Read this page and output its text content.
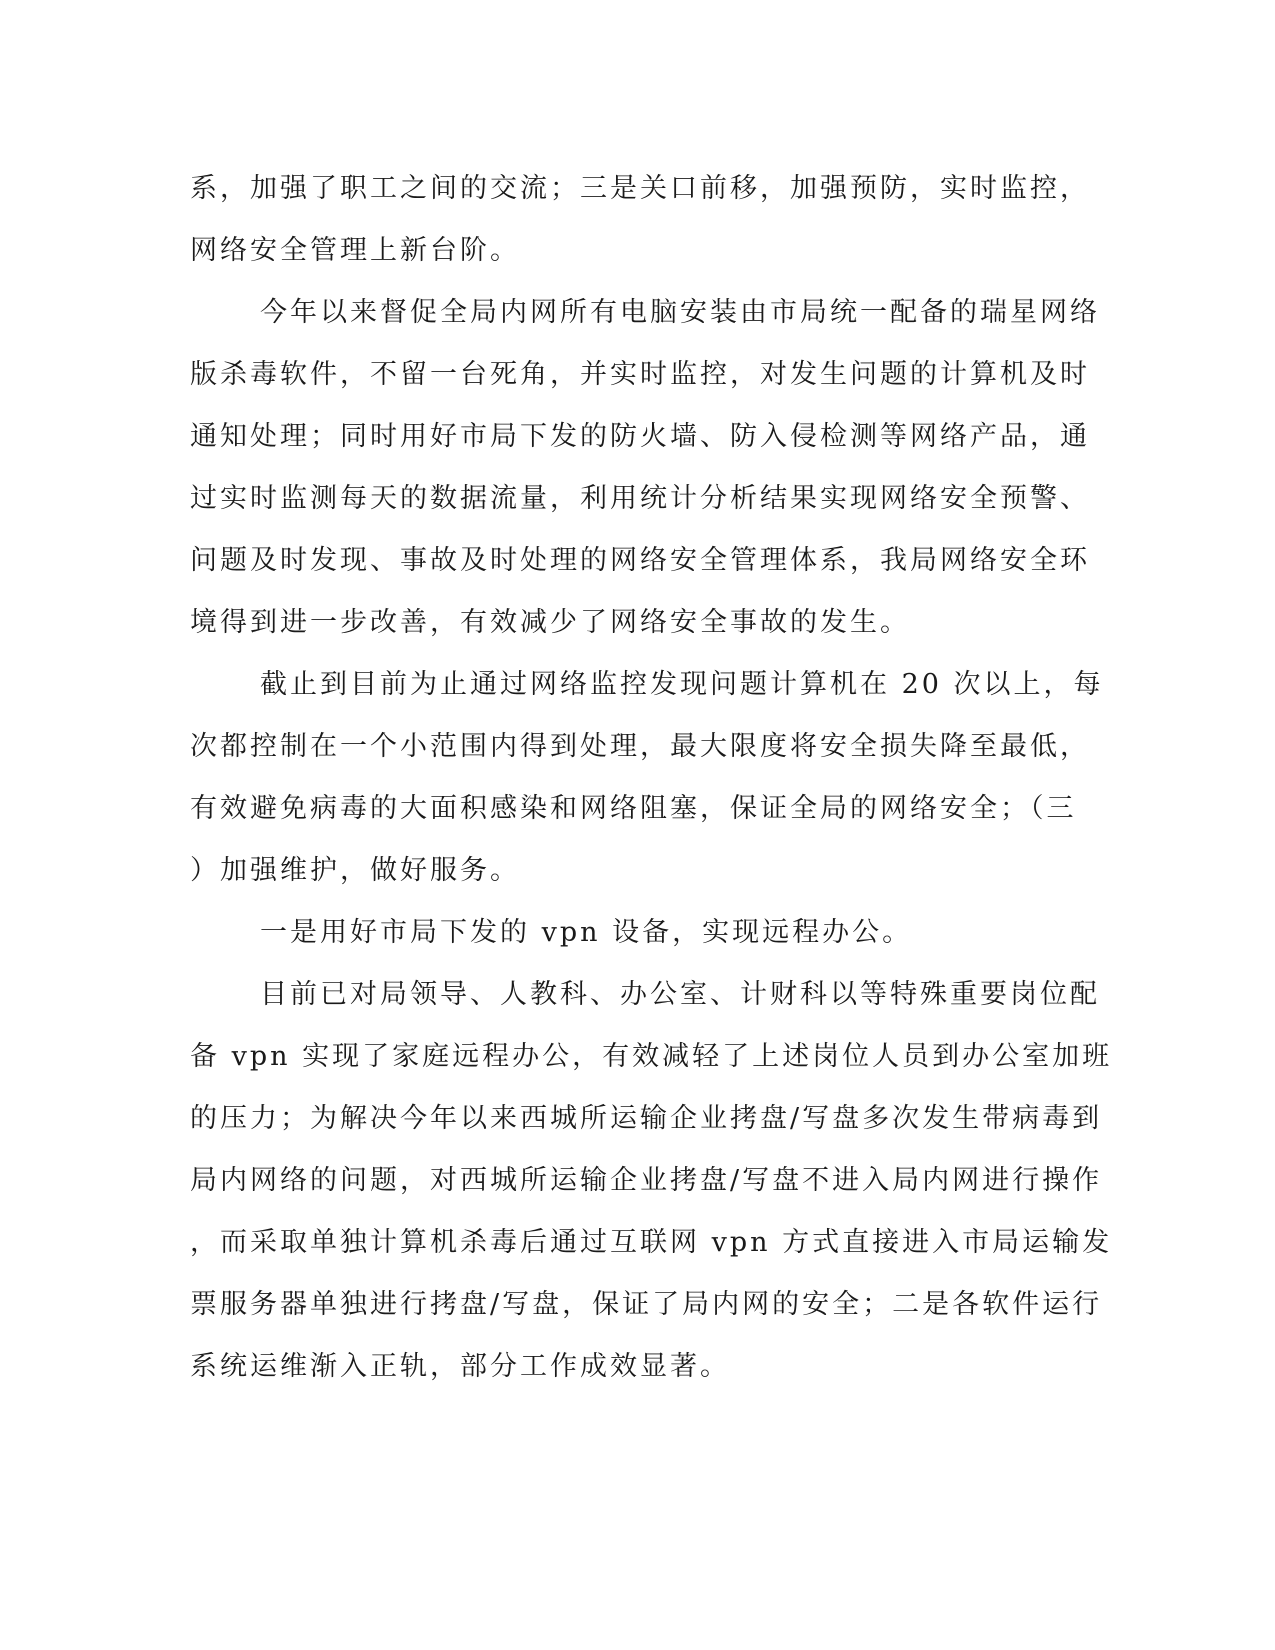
系，加强了职工之间的交流；三是关口前移，加强预防，实时监控，
网络安全管理上新台阶。
今年以来督促全局内网所有电脑安装由市局统一配备的瑞星网络
版杀毒软件，不留一台死角，并实时监控，对发生问题的计算机及时
通知处理；同时用好市局下发的防火墙、防入侵检测等网络产品，通
过实时监测每天的数据流量，利用统计分析结果实现网络安全预警、
问题及时发现、事故及时处理的网络安全管理体系，我局网络安全环
境得到进一步改善，有效减少了网络安全事故的发生。
截止到目前为止通过网络监控发现问题计算机在 20 次以上，每
次都控制在一个小范围内得到处理，最大限度将安全损失降至最低，
有效避免病毒的大面积感染和网络阻塞，保证全局的网络安全；（三
）加强维护，做好服务。
一是用好市局下发的 vpn 设备，实现远程办公。
目前已对局领导、人教科、办公室、计财科以等特殊重要岗位配
备 vpn 实现了家庭远程办公，有效减轻了上述岗位人员到办公室加班
的压力；为解决今年以来西城所运输企业拷盘/写盘多次发生带病毒到
局内网络的问题，对西城所运输企业拷盘/写盘不进入局内网进行操作
，而采取单独计算机杀毒后通过互联网 vpn 方式直接进入市局运输发
票服务器单独进行拷盘/写盘，保证了局内网的安全；二是各软件运行
系统运维渐入正轨，部分工作成效显著。
